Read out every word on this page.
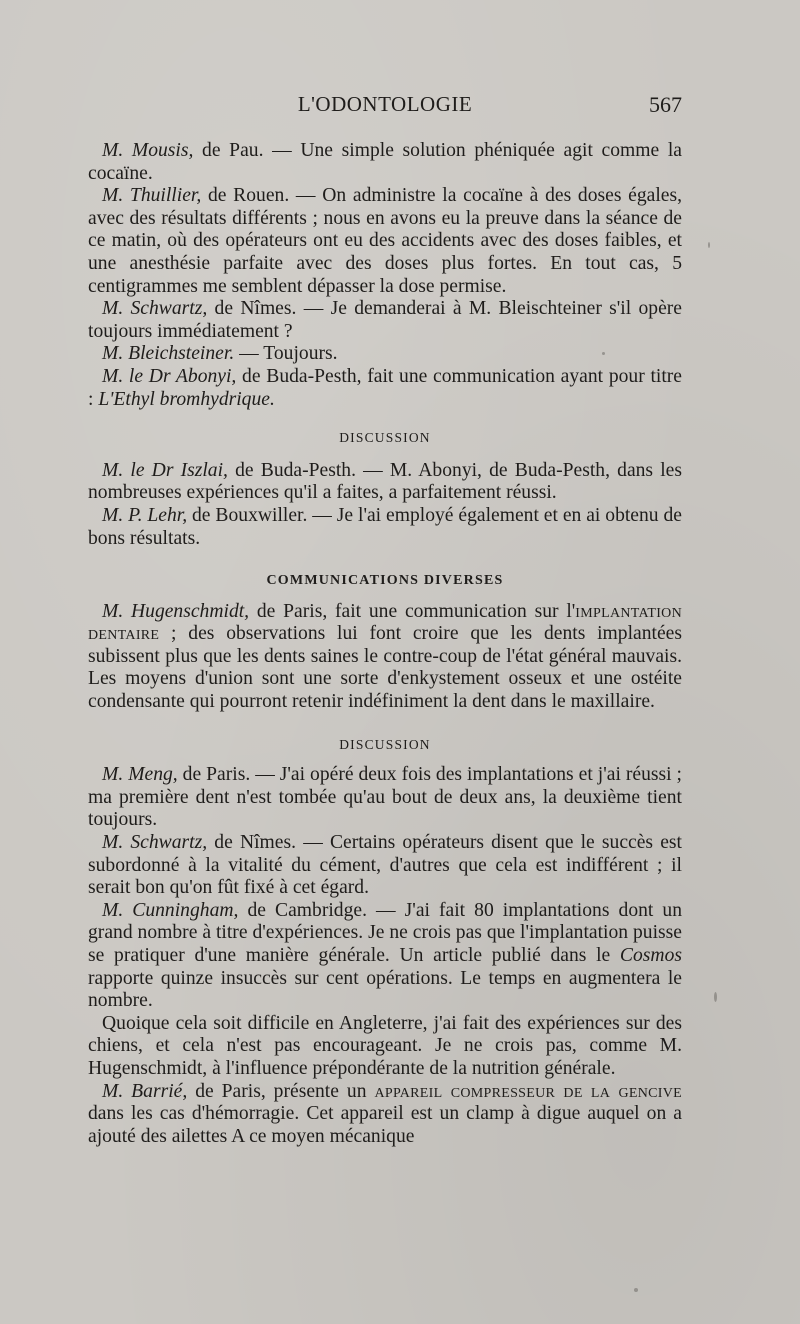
L'ODONTOLOGIE	567

M. Mousis, de Pau. — Une simple solution phéniquée agit comme la cocaïne.

M. Thuillier, de Rouen. — On administre la cocaïne à des doses égales, avec des résultats différents ; nous en avons eu la preuve dans la séance de ce matin, où des opérateurs ont eu des accidents avec des doses faibles, et une anesthésie parfaite avec des doses plus fortes. En tout cas, 5 centigrammes me semblent dépasser la dose permise.

M. Schwartz, de Nîmes. — Je demanderai à M. Bleischteiner s'il opère toujours immédiatement ?

M. Bleichsteiner. — Toujours.

M. le Dr Abonyi, de Buda-Pesth, fait une communication ayant pour titre : L'Ethyl bromhydrique.

DISCUSSION

M. le Dr Iszlai, de Buda-Pesth. — M. Abonyi, de Buda-Pesth, dans les nombreuses expériences qu'il a faites, a parfaitement réussi.

M. P. Lehr, de Bouxwiller. — Je l'ai employé également et en ai obtenu de bons résultats.

COMMUNICATIONS DIVERSES

M. Hugenschmidt, de Paris, fait une communication sur l'implantation dentaire ; des observations lui font croire que les dents implantées subissent plus que les dents saines le contre-coup de l'état général mauvais. Les moyens d'union sont une sorte d'enkystement osseux et une ostéite condensante qui pourront retenir indéfiniment la dent dans le maxillaire.

DISCUSSION

M. Meng, de Paris. — J'ai opéré deux fois des implantations et j'ai réussi ; ma première dent n'est tombée qu'au bout de deux ans, la deuxième tient toujours.

M. Schwartz, de Nîmes. — Certains opérateurs disent que le succès est subordonné à la vitalité du cément, d'autres que cela est indifférent ; il serait bon qu'on fût fixé à cet égard.

M. Cunningham, de Cambridge. — J'ai fait 80 implantations dont un grand nombre à titre d'expériences. Je ne crois pas que l'implantation puisse se pratiquer d'une manière générale. Un article publié dans le Cosmos rapporte quinze insuccès sur cent opérations. Le temps en augmentera le nombre.

Quoique cela soit difficile en Angleterre, j'ai fait des expériences sur des chiens, et cela n'est pas encourageant. Je ne crois pas, comme M. Hugenschmidt, à l'influence prépondérante de la nutrition générale.

M. Barrié, de Paris, présente un appareil compresseur de la gencive dans les cas d'hémorragie. Cet appareil est un clamp à digue auquel on a ajouté des ailettes A ce moyen mécanique
